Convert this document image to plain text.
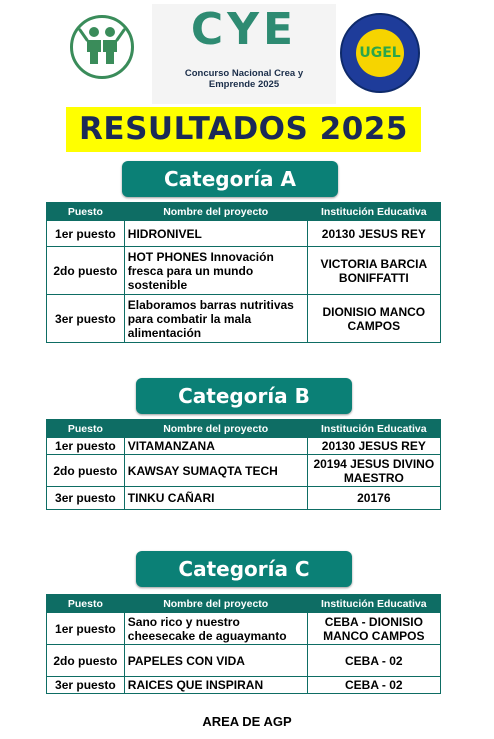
CYE
Concurso Nacional Crea y Emprende 2025
UGEL
RESULTADOS 2025
Categoría A
Puesto	Nombre del proyecto	Institución Educativa
1er puesto	HIDRONIVEL	20130 JESUS REY
2do puesto	HOT PHONES Innovación fresca para un mundo sostenible	VICTORIA BARCIA BONIFFATTI
3er puesto	Elaboramos barras nutritivas para combatir la mala alimentación	DIONISIO MANCO CAMPOS
Categoría B
Puesto	Nombre del proyecto	Institución Educativa
1er puesto	VITAMANZANA	20130 JESUS REY
2do puesto	KAWSAY SUMAQTA TECH	20194 JESUS DIVINO MAESTRO
3er puesto	TINKU CAÑARI	20176
Categoría C
Puesto	Nombre del proyecto	Institución Educativa
1er puesto	Sano rico y nuestro cheesecake de aguaymanto	CEBA - DIONISIO MANCO CAMPOS
2do puesto	PAPELES CON VIDA	CEBA - 02
3er puesto	RAICES QUE INSPIRAN	CEBA - 02
AREA DE AGP
